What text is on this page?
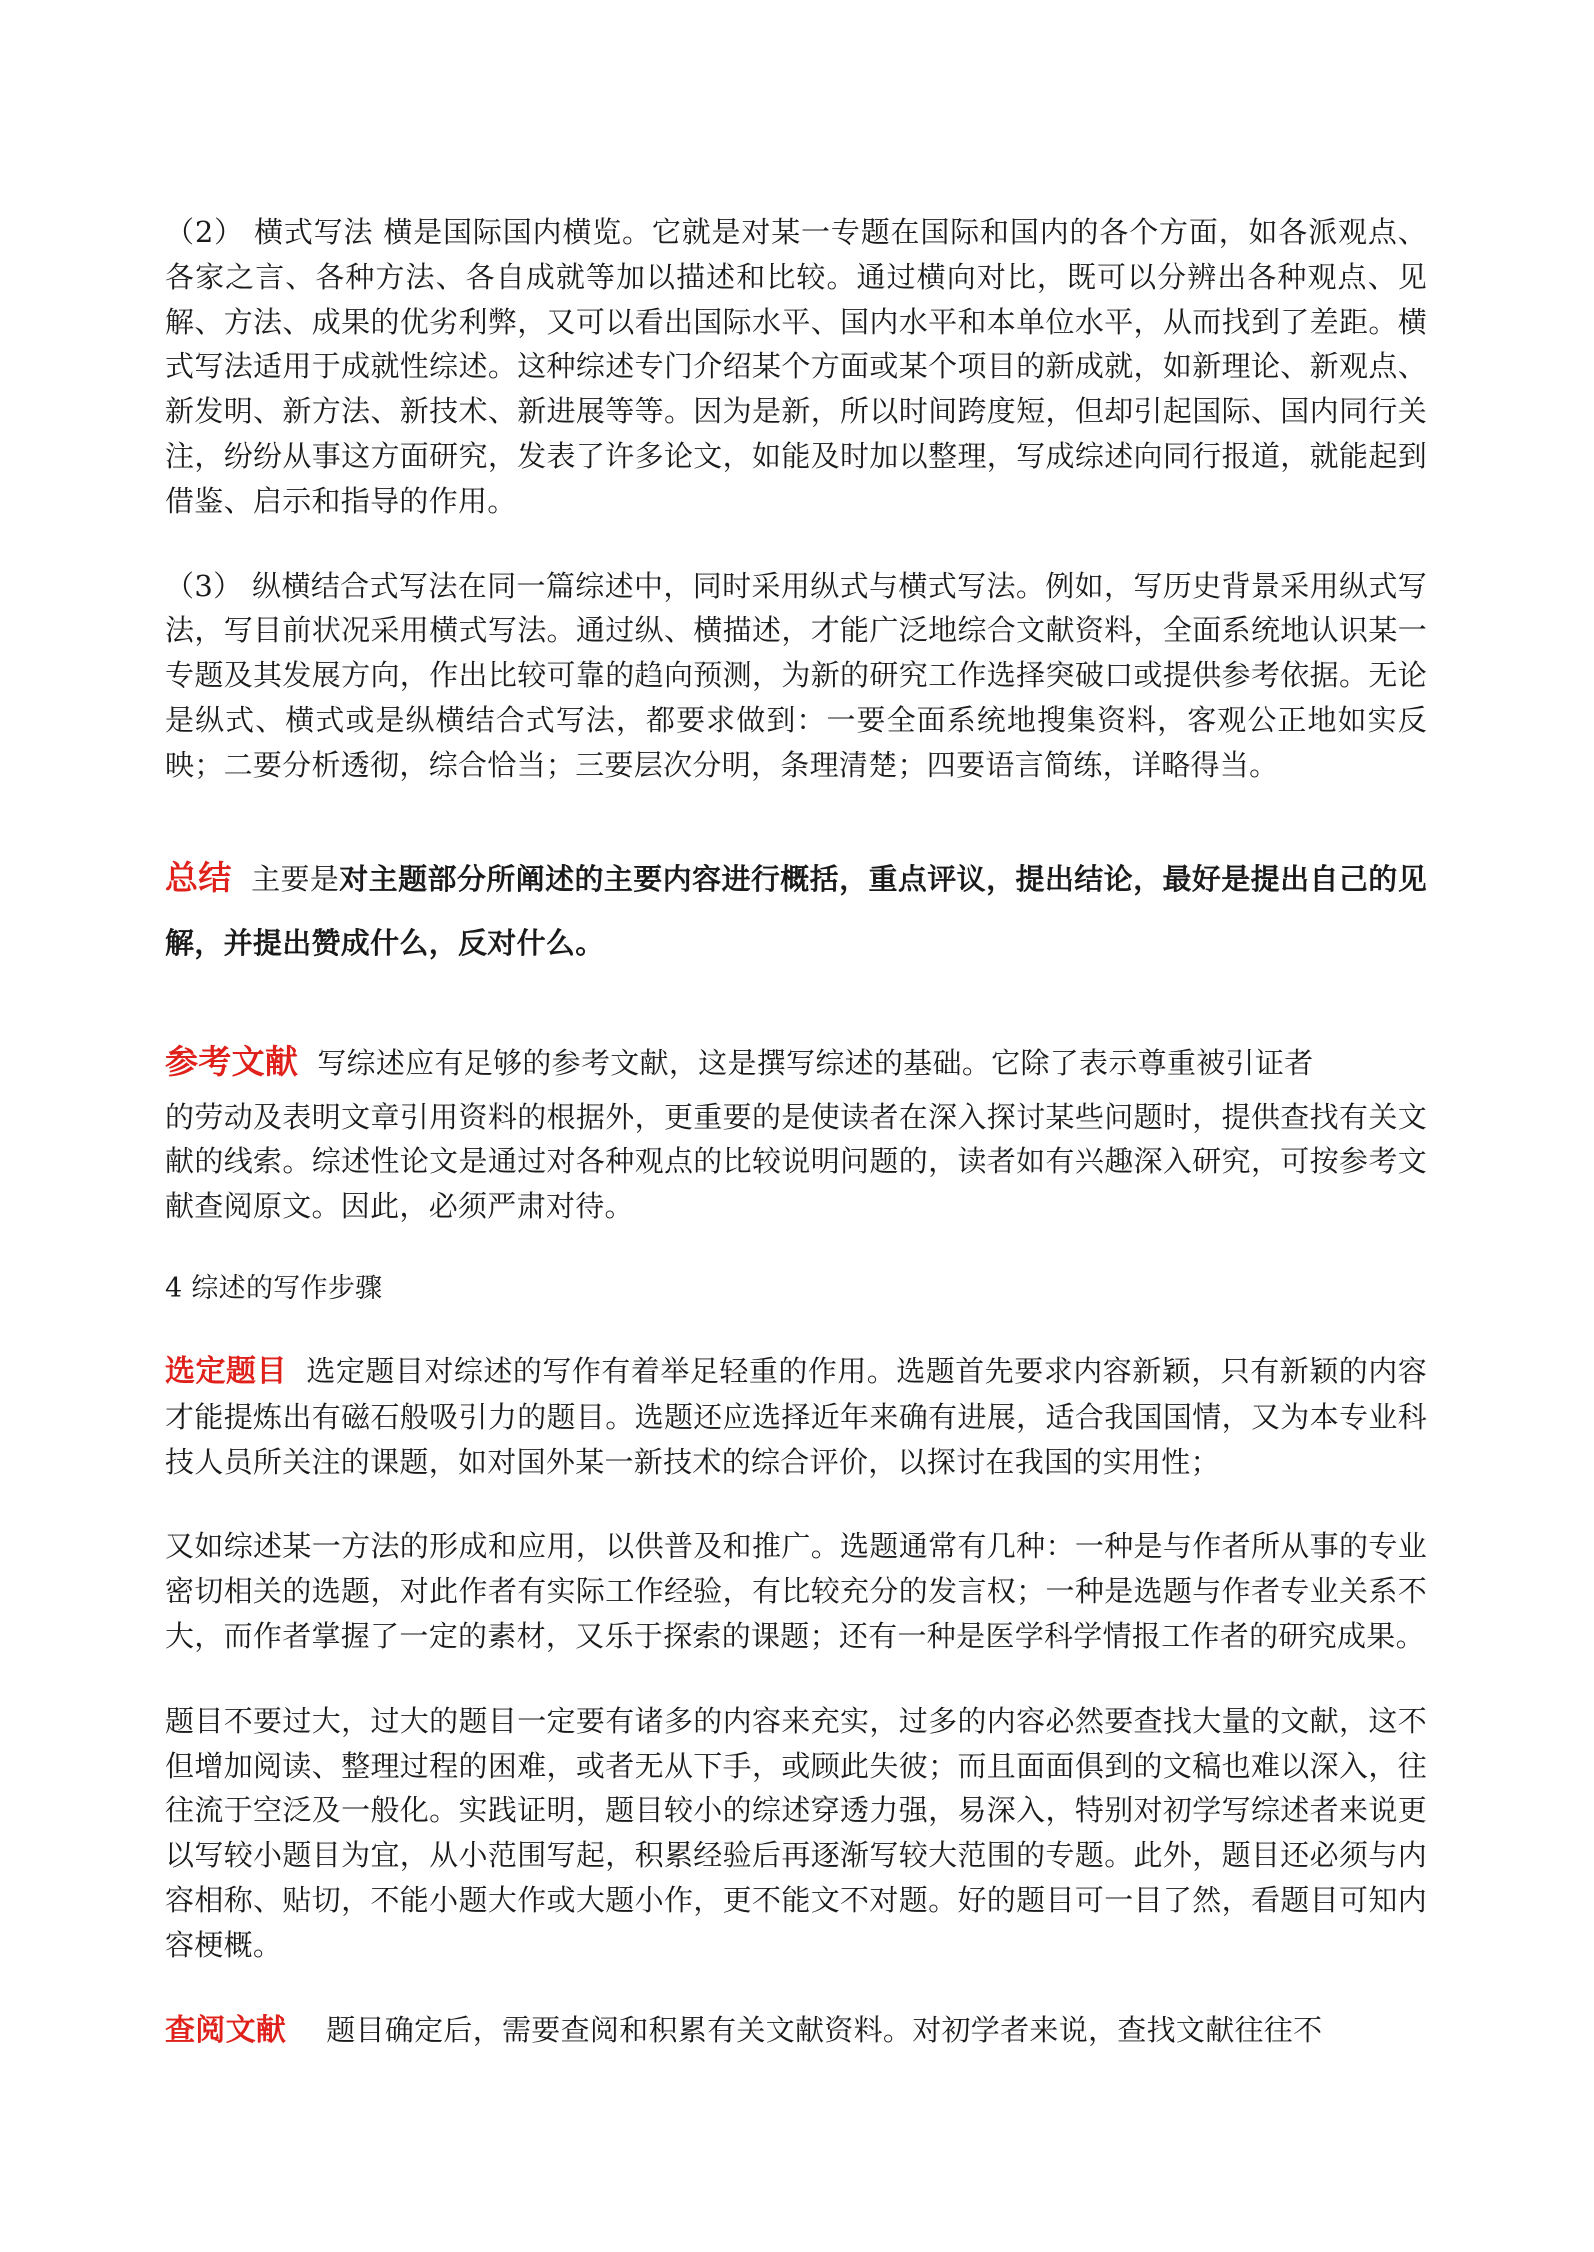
（2） 横式写法 横是国际国内横览。它就是对某一专题在国际和国内的各个方面，如各派观点、各家之言、各种方法、各自成就等加以描述和比较。通过横向对比，既可以分辨出各种观点、见解、方法、成果的优劣利弊，又可以看出国际水平、国内水平和本单位水平，从而找到了差距。横式写法适用于成就性综述。这种综述专门介绍某个方面或某个项目的新成就，如新理论、新观点、新发明、新方法、新技术、新进展等等。因为是新，所以时间跨度短，但却引起国际、国内同行关注，纷纷从事这方面研究，发表了许多论文，如能及时加以整理，写成综述向同行报道，就能起到借鉴、启示和指导的作用。

（3） 纵横结合式写法在同一篇综述中，同时采用纵式与横式写法。例如，写历史背景采用纵式写法，写目前状况采用横式写法。通过纵、横描述，才能广泛地综合文献资料，全面系统地认识某一专题及其发展方向，作出比较可靠的趋向预测，为新的研究工作选择突破口或提供参考依据。无论是纵式、横式或是纵横结合式写法，都要求做到：一要全面系统地搜集资料，客观公正地如实反映；二要分析透彻，综合恰当；三要层次分明，条理清楚；四要语言简练，详略得当。

总结 主要是对主题部分所阐述的主要内容进行概括，重点评议，提出结论，最好是提出自己的见解，并提出赞成什么，反对什么。

参考文献 写综述应有足够的参考文献，这是撰写综述的基础。它除了表示尊重被引证者
的劳动及表明文章引用资料的根据外，更重要的是使读者在深入探讨某些问题时，提供查找有关文献的线索。综述性论文是通过对各种观点的比较说明问题的，读者如有兴趣深入研究，可按参考文献查阅原文。因此，必须严肃对待。

4 综述的写作步骤

选定题目 选定题目对综述的写作有着举足轻重的作用。选题首先要求内容新颖，只有新颖的内容才能提炼出有磁石般吸引力的题目。选题还应选择近年来确有进展，适合我国国情，又为本专业科技人员所关注的课题，如对国外某一新技术的综合评价，以探讨在我国的实用性；

又如综述某一方法的形成和应用，以供普及和推广。选题通常有几种：一种是与作者所从事的专业密切相关的选题，对此作者有实际工作经验，有比较充分的发言权；一种是选题与作者专业关系不大，而作者掌握了一定的素材，又乐于探索的课题；还有一种是医学科学情报工作者的研究成果。

题目不要过大，过大的题目一定要有诸多的内容来充实，过多的内容必然要查找大量的文献，这不但增加阅读、整理过程的困难，或者无从下手，或顾此失彼；而且面面俱到的文稿也难以深入，往往流于空泛及一般化。实践证明，题目较小的综述穿透力强，易深入，特别对初学写综述者来说更以写较小题目为宜，从小范围写起，积累经验后再逐渐写较大范围的专题。此外，题目还必须与内容相称、贴切，不能小题大作或大题小作，更不能文不对题。好的题目可一目了然，看题目可知内容梗概。

查阅文献 题目确定后，需要查阅和积累有关文献资料。对初学者来说，查找文献往往不
